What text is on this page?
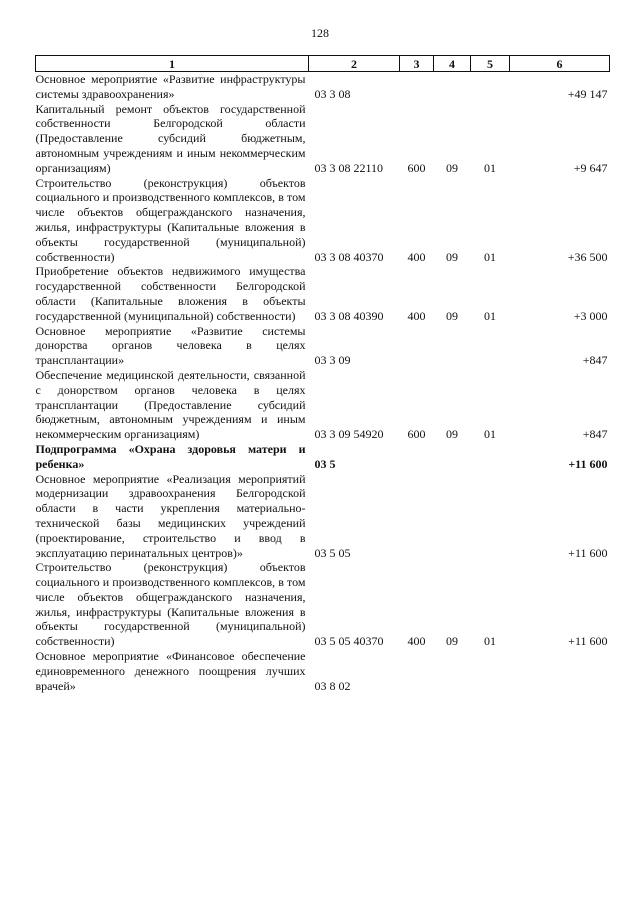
128
1	2	3	4	5	6
Основное мероприятие «Развитие инфраструктуры системы здравоохранения»	03 3 08				+49 147
Капитальный ремонт объектов государственной собственности Белгородской области (Предоставление субсидий бюджетным, автономным учреждениям и иным некоммерческим организациям)	03 3 08 22110	600	09	01	+9 647
Строительство (реконструкция) объектов социального и производственного комплексов, в том числе объектов общегражданского назначения, жилья, инфраструктуры (Капитальные вложения в объекты государственной (муниципальной) собственности)	03 3 08 40370	400	09	01	+36 500
Приобретение объектов недвижимого имущества государственной собственности Белгородской области (Капитальные вложения в объекты государственной (муниципальной) собственности)	03 3 08 40390	400	09	01	+3 000
Основное мероприятие «Развитие системы донорства органов человека в целях трансплантации»	03 3 09				+847
Обеспечение медицинской деятельности, связанной с донорством органов человека в целях трансплантации (Предоставление субсидий бюджетным, автономным учреждениям и иным некоммерческим организациям)	03 3 09 54920	600	09	01	+847
Подпрограмма «Охрана здоровья матери и ребенка»	03 5				+11 600
Основное мероприятие «Реализация мероприятий модернизации здравоохранения Белгородской области в части укрепления материально-технической базы медицинских учреждений (проектирование, строительство и ввод в эксплуатацию перинатальных центров)»	03 5 05				+11 600
Строительство (реконструкция) объектов социального и производственного комплексов, в том числе объектов общегражданского назначения, жилья, инфраструктуры (Капитальные вложения в объекты государственной (муниципальной) собственности)	03 5 05 40370	400	09	01	+11 600
Основное мероприятие «Финансовое обеспечение единовременного денежного поощрения лучших врачей»	03 8 02				
